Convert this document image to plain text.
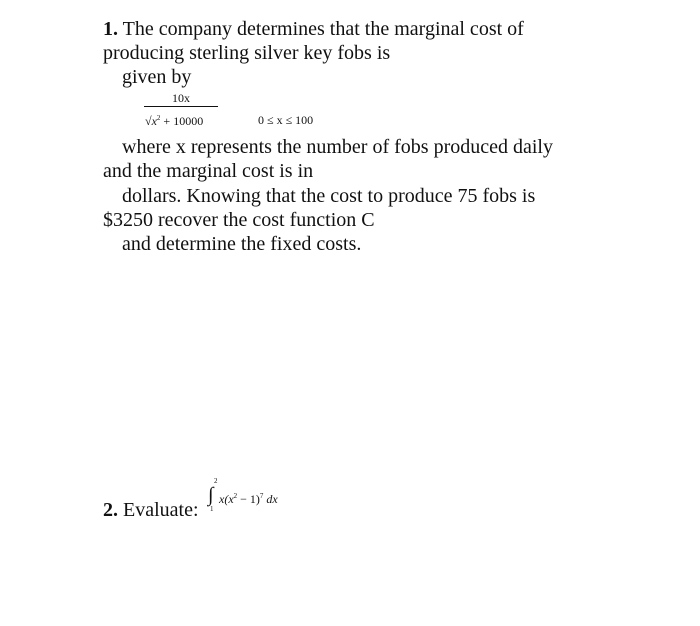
1. The company determines that the marginal cost of

producing sterling silver key fobs is

given by

10x
$√x^2 + 10000$	0 ≤ x ≤ 100

where x represents the number of fobs produced daily

and the marginal cost is in

dollars. Knowing that the cost to produce 75 fobs is

$3250 recover the cost function C

and determine the fixed costs.

2. Evaluate:

2
∫
1
$x(x^2 - 1)^7$ dx
